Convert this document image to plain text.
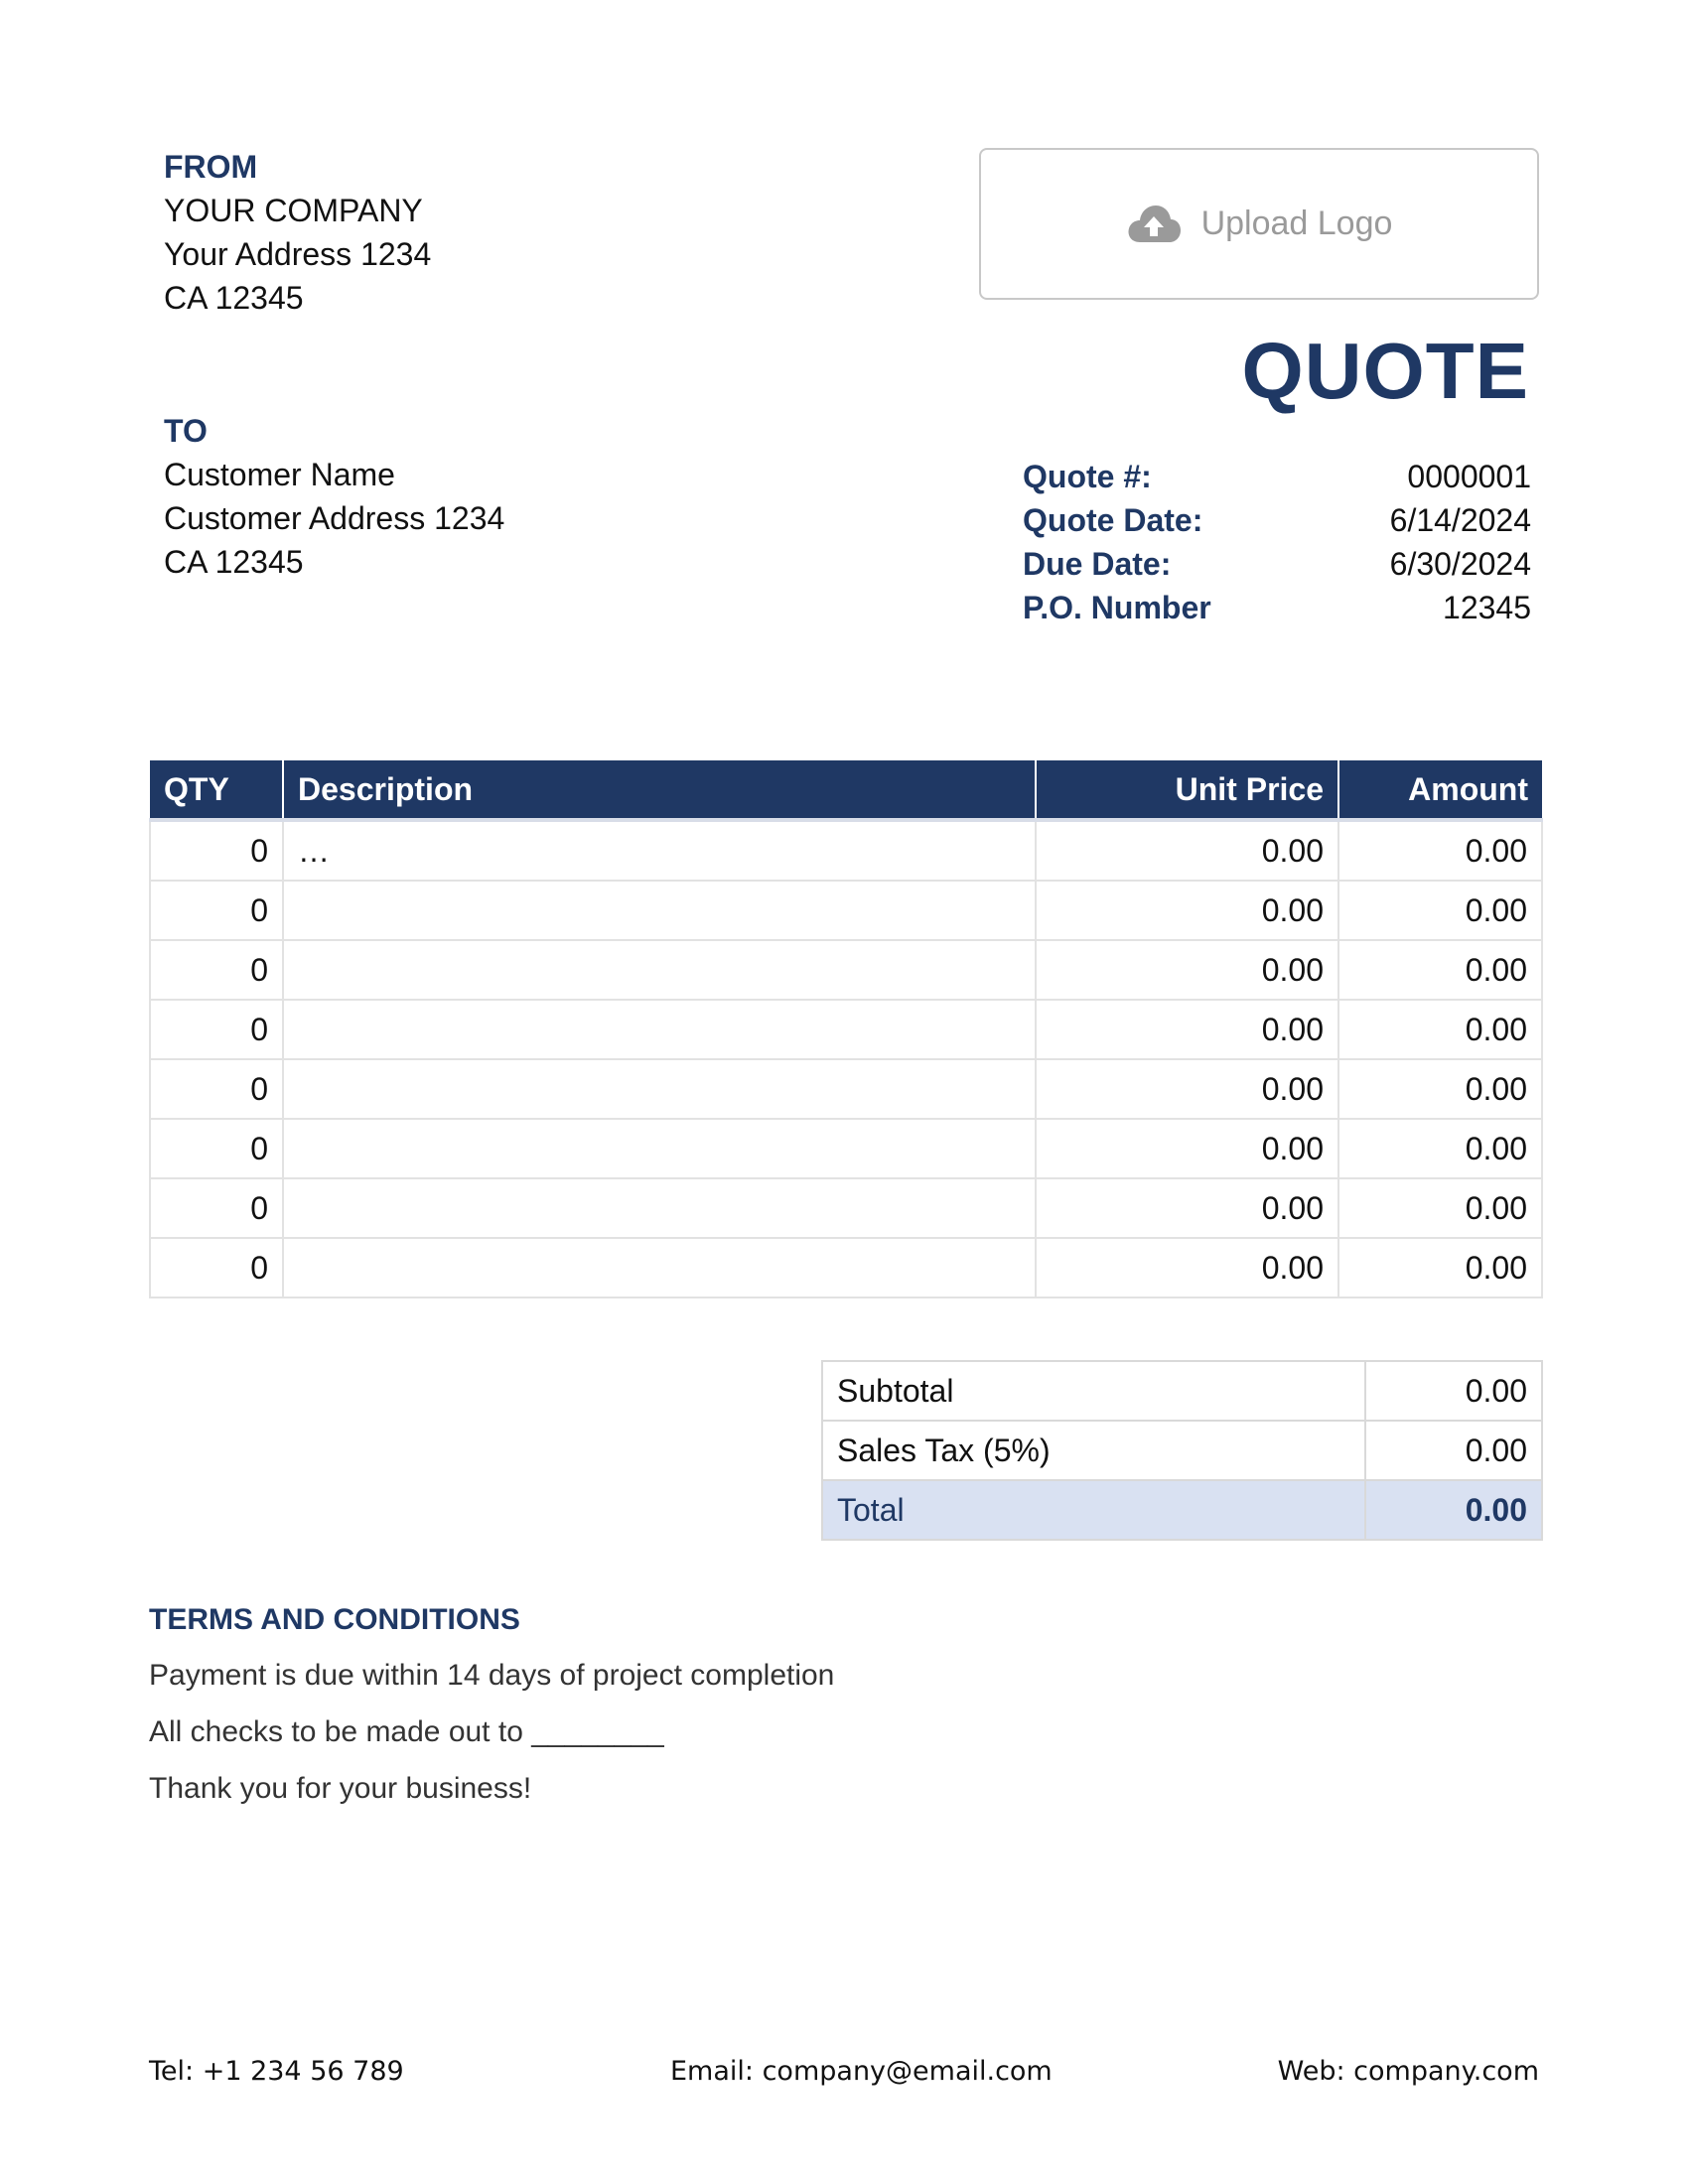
FROM
YOUR COMPANY
Your Address 1234
CA 12345
Upload Logo
QUOTE
TO
Customer Name
Customer Address 1234
CA 12345
Quote #:	0000001
Quote Date:	6/14/2024
Due Date:	6/30/2024
P.O. Number	12345
QTY	Description	Unit Price	Amount
0	…	0.00	0.00
0		0.00	0.00
0		0.00	0.00
0		0.00	0.00
0		0.00	0.00
0		0.00	0.00
0		0.00	0.00
0		0.00	0.00
Subtotal	0.00
Sales Tax (5%)	0.00
Total	0.00
TERMS AND CONDITIONS
Payment is due within 14 days of project completion
All checks to be made out to ________
Thank you for your business!
Tel: +1 234 56 789	Email: company@email.com	Web: company.com
